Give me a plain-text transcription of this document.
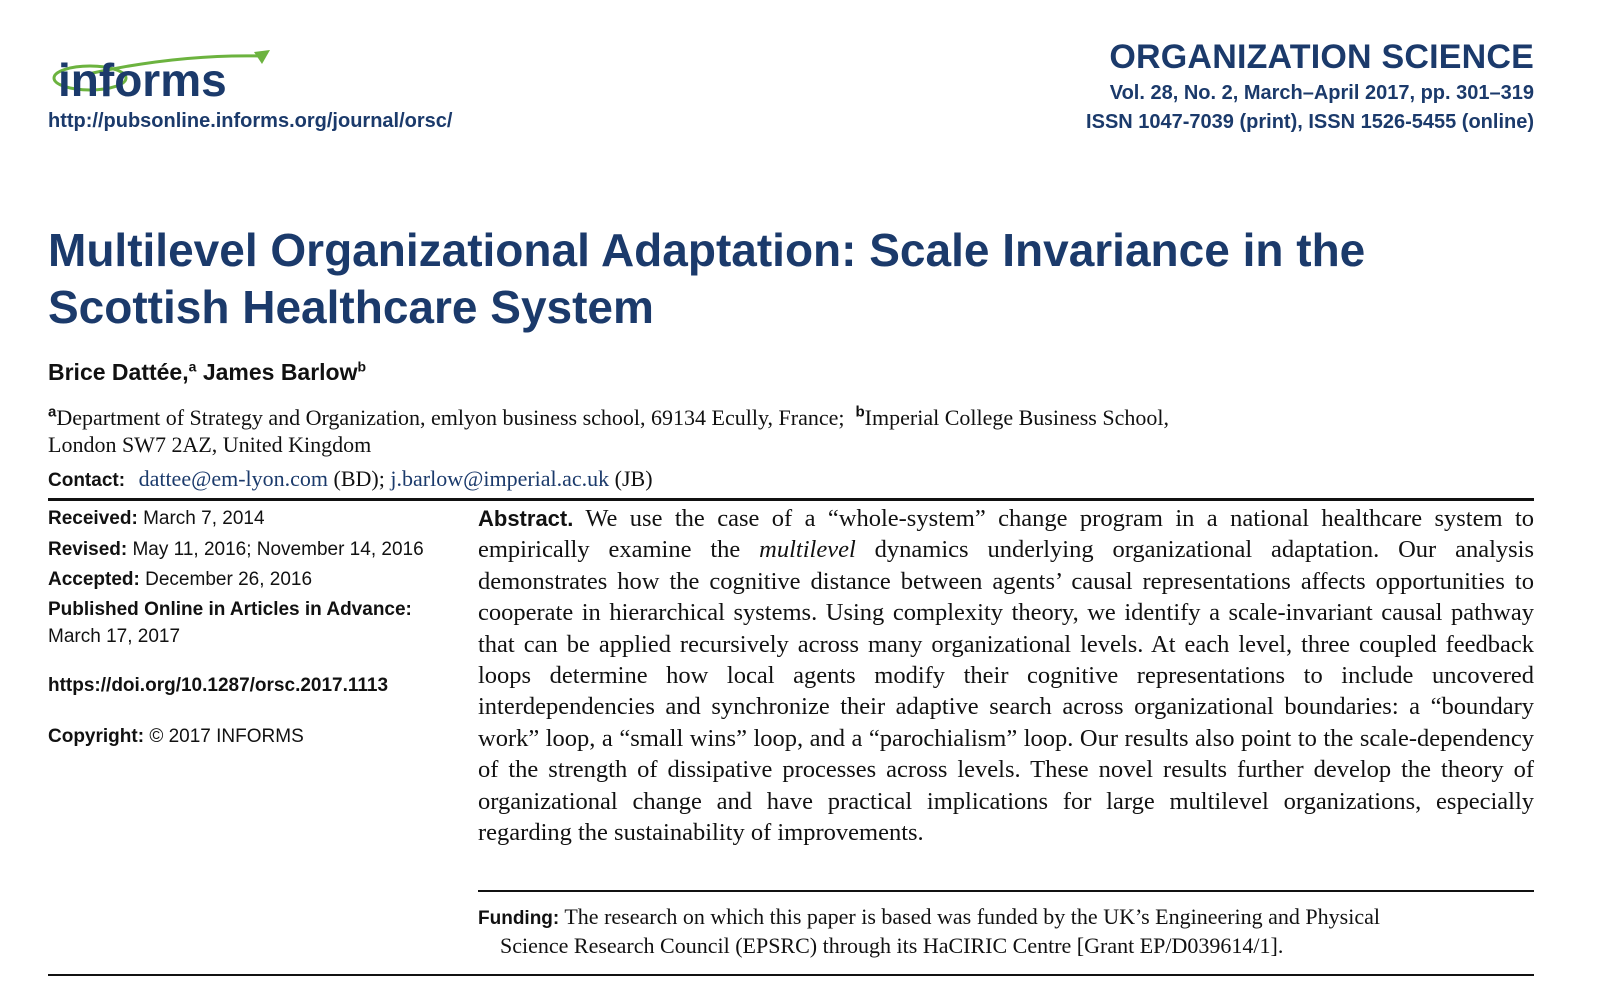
informs
http://pubsonline.informs.org/journal/orsc/
ORGANIZATION SCIENCE
Vol. 28, No. 2, March–April 2017, pp. 301–319
ISSN 1047-7039 (print), ISSN 1526-5455 (online)
Multilevel Organizational Adaptation: Scale Invariance in the
Scottish Healthcare System
Brice Dattée,$^a$ James Barlow$^b$
$^a$Department of Strategy and Organization, emlyon business school, 69134 Ecully, France; $^b$Imperial College Business School,
London SW7 2AZ, United Kingdom
Contact: dattee@em-lyon.com (BD); j.barlow@imperial.ac.uk (JB)
Received: March 7, 2014
Revised: May 11, 2016; November 14, 2016
Accepted: December 26, 2016
Published Online in Articles in Advance:
March 17, 2017
https://doi.org/10.1287/orsc.2017.1113
Copyright: © 2017 INFORMS
Abstract. We use the case of a “whole-system” change program in a national healthcare system to empirically examine the multilevel dynamics underlying organizational adaptation. Our analysis demonstrates how the cognitive distance between agents’ causal representations affects opportunities to cooperate in hierarchical systems. Using complexity theory, we identify a scale-invariant causal pathway that can be applied recursively across many organizational levels. At each level, three coupled feedback loops determine how local agents modify their cognitive representations to include uncovered interdependencies and synchronize their adaptive search across organizational boundaries: a “boundary work” loop, a “small wins” loop, and a “parochialism” loop. Our results also point to the scale-dependency of the strength of dissipative processes across levels. These novel results further develop the theory of organizational change and have practical implications for large multilevel organizations, especially regarding the sustainability of improvements.
Funding: The research on which this paper is based was funded by the UK’s Engineering and Physical
Science Research Council (EPSRC) through its HaCIRIC Centre [Grant EP/D039614/1].
